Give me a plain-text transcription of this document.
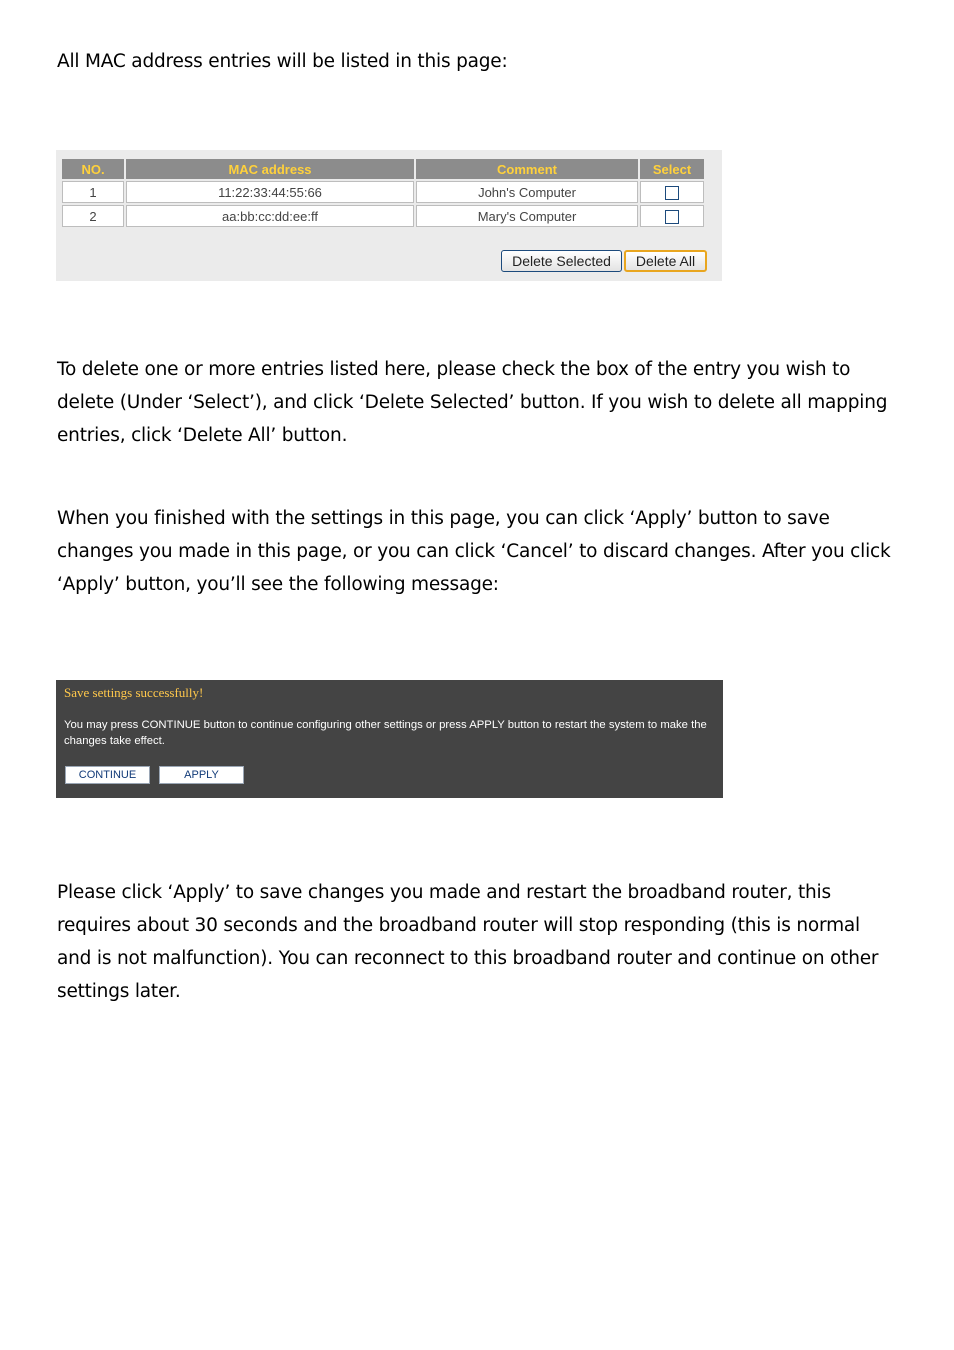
All MAC address entries will be listed in this page:

NO.	MAC address	Comment	Select
1	11:22:33:44:55:66	John's Computer	
2	aa:bb:cc:dd:ee:ff	Mary's Computer	
Delete Selected	Delete All

To delete one or more entries listed here, please check the box of the entry you wish to delete (Under ‘Select’), and click ‘Delete Selected’ button. If you wish to delete all mapping entries, click ‘Delete All’ button.

When you finished with the settings in this page, you can click ‘Apply’ button to save changes you made in this page, or you can click ‘Cancel’ to discard changes. After you click ‘Apply’ button, you’ll see the following message:

Save settings successfully!
You may press CONTINUE button to continue configuring other settings or press APPLY button to restart the system to make the changes take effect.
CONTINUE	APPLY

Please click ‘Apply’ to save changes you made and restart the broadband router, this requires about 30 seconds and the broadband router will stop responding (this is normal and is not malfunction). You can reconnect to this broadband router and continue on other settings later.
